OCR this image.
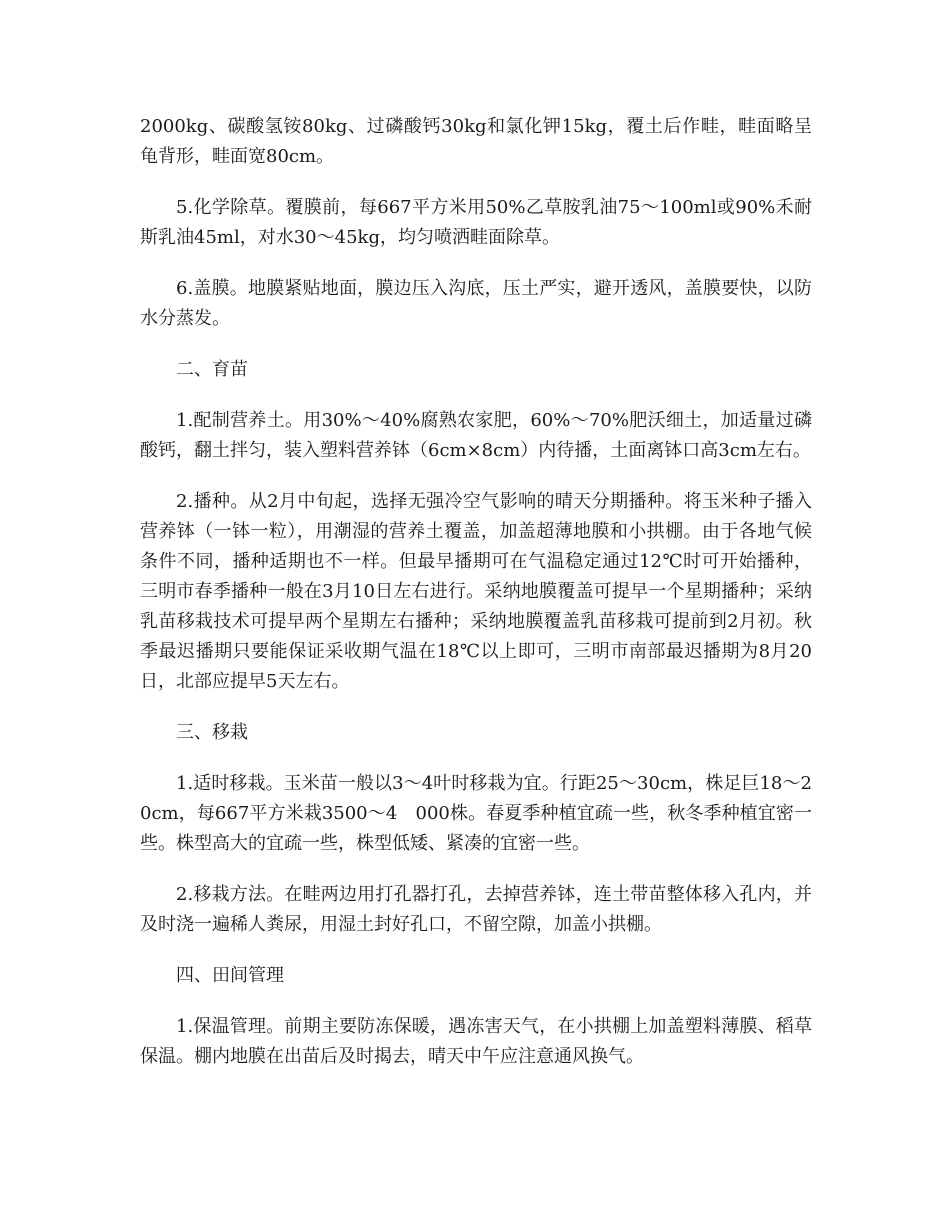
2000kg、碳酸氢铵80kg、过磷酸钙30kg和氯化钾15kg，覆土后作畦，畦面略呈龟背形，畦面宽80cm。

5.化学除草。覆膜前，每667平方米用50%乙草胺乳油75～100ml或90%禾耐斯乳油45ml，对水30～45kg，均匀喷洒畦面除草。

6.盖膜。地膜紧贴地面，膜边压入沟底，压土严实，避开透风，盖膜要快，以防水分蒸发。

二、育苗

1.配制营养土。用30%～40%腐熟农家肥，60%～70%肥沃细土，加适量过磷酸钙，翻土拌匀，装入塑料营养钵（6cm×8cm）内待播，土面离钵口高3cm左右。

2.播种。从2月中旬起，选择无强冷空气影响的晴天分期播种。将玉米种子播入营养钵（一钵一粒），用潮湿的营养土覆盖，加盖超薄地膜和小拱棚。由于各地气候条件不同，播种适期也不一样。但最早播期可在气温稳定通过12℃时可开始播种，三明市春季播种一般在3月10日左右进行。采纳地膜覆盖可提早一个星期播种；采纳乳苗移栽技术可提早两个星期左右播种；采纳地膜覆盖乳苗移栽可提前到2月初。秋季最迟播期只要能保证采收期气温在18℃以上即可，三明市南部最迟播期为8月20日，北部应提早5天左右。

三、移栽

1.适时移栽。玉米苗一般以3～4叶时移栽为宜。行距25～30cm，株足巨18～20cm，每667平方米栽3500～4　000株。春夏季种植宜疏一些，秋冬季种植宜密一些。株型高大的宜疏一些，株型低矮、紧凑的宜密一些。

2.移栽方法。在畦两边用打孔器打孔，去掉营养钵，连土带苗整体移入孔内，并及时浇一遍稀人粪尿，用湿土封好孔口，不留空隙，加盖小拱棚。

四、田间管理

1.保温管理。前期主要防冻保暖，遇冻害天气，在小拱棚上加盖塑料薄膜、稻草保温。棚内地膜在出苗后及时揭去，晴天中午应注意通风换气。
